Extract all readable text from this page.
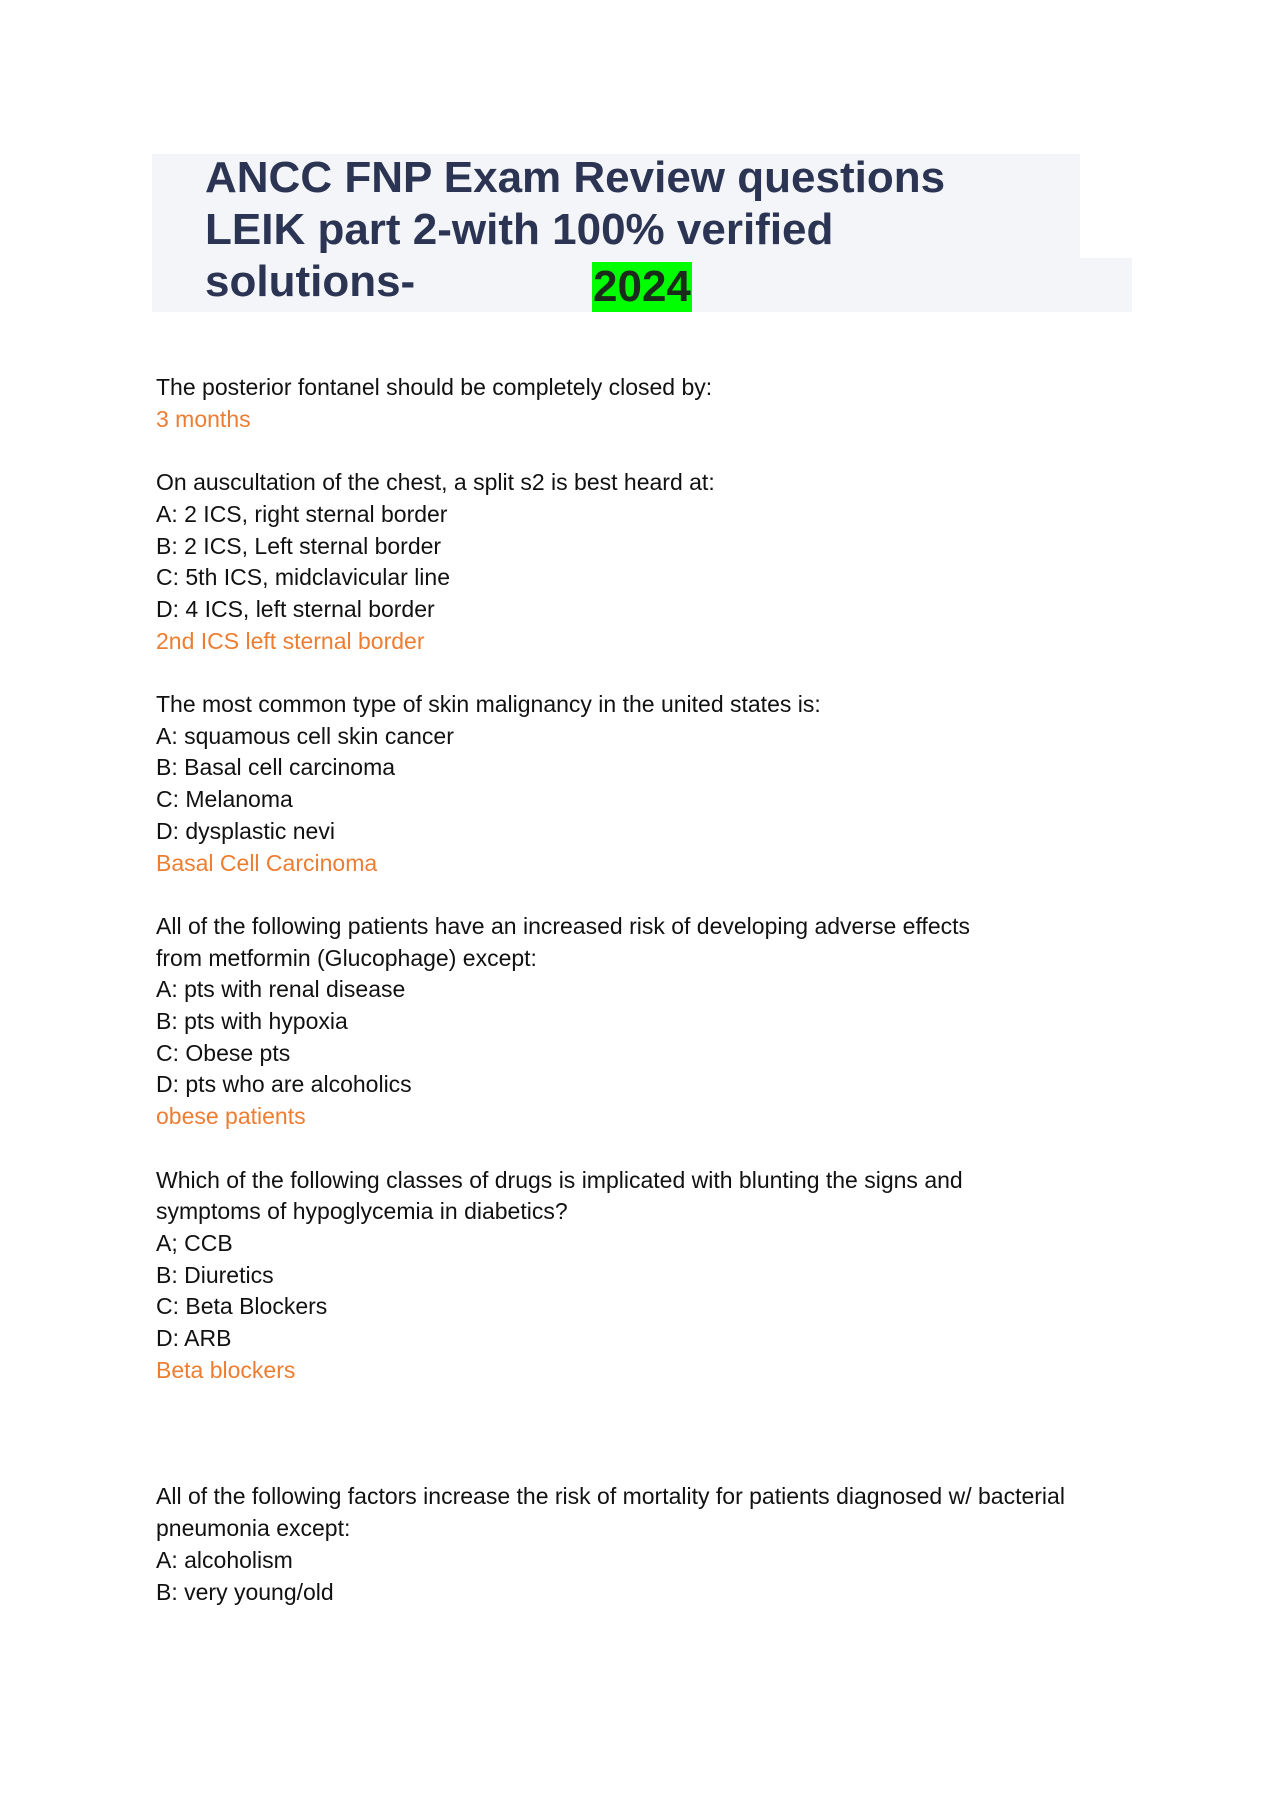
ANCC FNP Exam Review questions
LEIK part 2-with 100% verified
solutions-	2024
The posterior fontanel should be completely closed by:
3 months
On auscultation of the chest, a split s2 is best heard at:
A: 2 ICS, right sternal border
B: 2 ICS, Left sternal border
C: 5th ICS, midclavicular line
D: 4 ICS, left sternal border
2nd ICS left sternal border
The most common type of skin malignancy in the united states is:
A: squamous cell skin cancer
B: Basal cell carcinoma
C: Melanoma
D: dysplastic nevi
Basal Cell Carcinoma
All of the following patients have an increased risk of developing adverse effects
from metformin (Glucophage) except:
A: pts with renal disease
B: pts with hypoxia
C: Obese pts
D: pts who are alcoholics
obese patients
Which of the following classes of drugs is implicated with blunting the signs and
symptoms of hypoglycemia in diabetics?
A; CCB
B: Diuretics
C: Beta Blockers
D: ARB
Beta blockers
All of the following factors increase the risk of mortality for patients diagnosed w/ bacterial
pneumonia except:
A: alcoholism
B: very young/old
